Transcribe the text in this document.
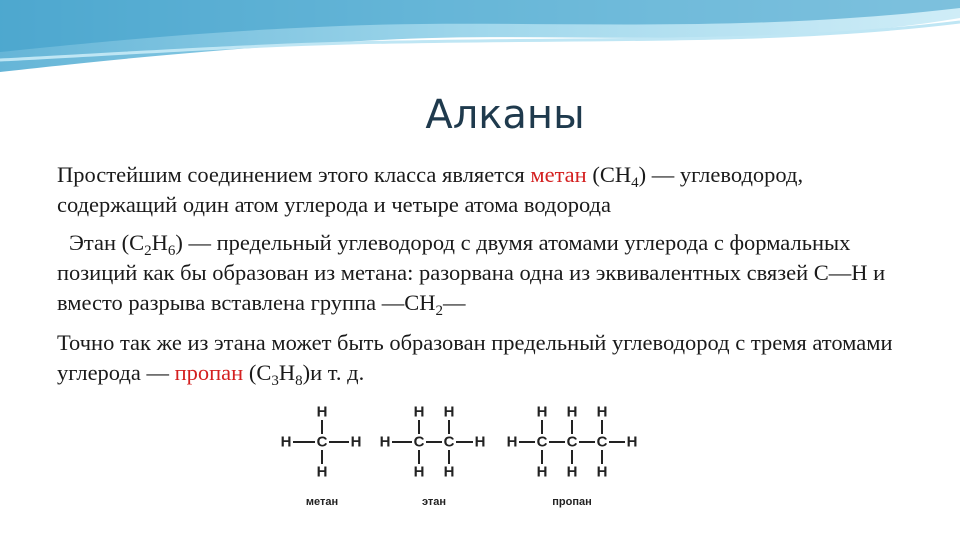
Алканы
Простейшим соединением этого класса является метан $(СН_4)$ — углеводород, содержащий один атом углерода и четыре атома водорода
Этан $(С_2Н_6)$ — предельный углеводород с двумя атомами углерода с формальных позиций как бы образован из метана: разорвана одна из эквивалентных связей С—Н и вместо разрыва вставлена группа $—СН_2—$
Точно так же из этана может быть образован предельный углеводород с тремя атомами углерода — пропан $(С_3Н_8)и$ т. д.
C
H
H
H	H
метан
C
H
H
C
H
H
H	H
этан
C
H
H
C
H
H
C
H
H
H	H
пропан
